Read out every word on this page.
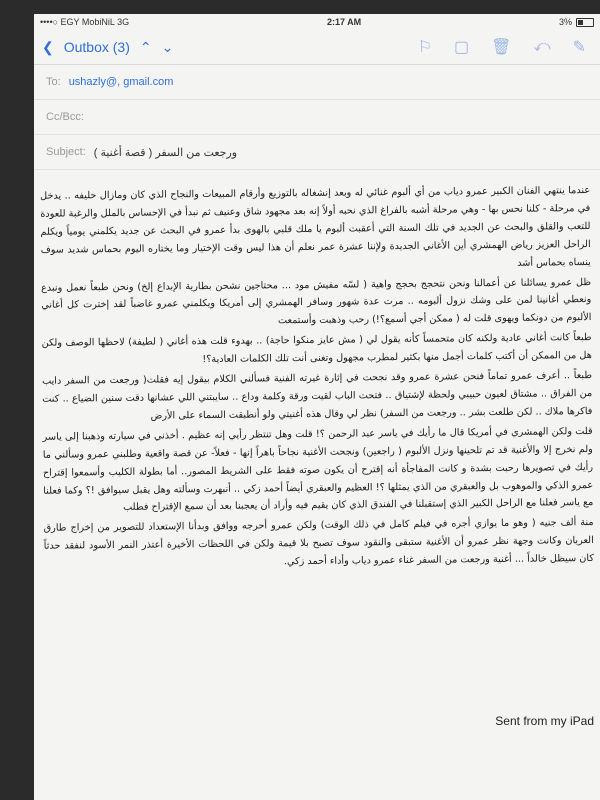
••••○ EGY MobiNiL 3G	2:17 AM	3%
❮ Outbox (3) ⌃ ⌄	⚐ ▢ 🗑 ⤺ ✎
To: ushazly@, gmail.com
Cc/Bcc:
Subject: ورجعت من السفر ( قصة أغنية )

عندما ينتهي الفنان الكبير عمرو دياب من أي ألبوم غنائي له وبعد إنشغاله بالتوزيع وأرقام المبيعات والنجاح الذي كان ومازال حليفه .. يدخل في مرحلة - كلنا نحس بها - وهي مرحلة أشبه بالفراغ الذي نحبه أولاً إنه بعد مجهود شاق وعنيف ثم نبدأ في الإحساس بالملل والرغبة للعودة للتعب والقلق والبحث عن الجديد في تلك السنة التي أعقبت ألبوم يا ملك قلبي بالهوى بدأ عمرو في البحث عن جديد يكلمني يومياً ويكلم الراحل العزيز رياض الهمشري أين الأغاني الجديدة ولإننا عشرة عمر نعلم أن هذا ليس وقت الإختيار وما يختاره اليوم بحماس شديد سوف ينساه بحماس أشد

ظل عمرو يسائلنا عن أعمالنا ونحن نتحجج بحجج واهية ( لسّه مفيش مود ... محتاجين نشحن بطارية الإبداع إلخ) ونحن طبعاً نعمل ونبدع ونعطي أغانينا لمن على وشك نزول ألبومه .. مرت عدة شهور وسافر الهمشري إلى أمريكا ويكلمني عمرو غاضباً لقد إخترت كل أغاني الألبوم من دونكما ويهوى قلت له ( ممكن أجي أسمع؟!) رحب وذهبت وأستمعت

طبعاً كانت أغاني عادية ولكنه كان متحمساً كأنه يقول لي ( مش عايز منكوا حاجة) .. بهدوء قلت هذه أغاني ( لطيفة) لاحظها الوصف ولكن هل من الممكن أن أكتب كلمات أجمل منها بكثير لمطرب مجهول وتغنى أنت تلك الكلمات العادية؟!

طبعاً .. أعرف عمرو تماماً فنحن عشرة عمرو وقد نجحت في إثارة غيرته الفنية فسألني الكلام بيقول إيه فقلت( ورجعت من السفر دايب من الفراق .. مشتاق لعيون حبيبي ولحظة لإشتياق .. فتحت الباب لقيت ورقة وكلمة وداع .. سايبتني اللي عشانها دقت سنين الضياع .. كنت فاكرها ملاك .. لكن طلعت بشر .. ورجعت من السفر) نظر لي وقال هذه أغنيتي ولو أنطبقت السماء على الأرض

قلت ولكن الهمشري في أمريكا قال ما رأيك في ياسر عبد الرحمن ؟! قلت وهل تنتظر رأيي إنه عظيم . أخذني في سيارته وذهبنا إلى ياسر ولم نخرج إلا والأغنية قد تم تلحينها ونزل الألبوم ( راجعين) ونجحت الأغنية نجاحاً باهراً إنها - فعلاً- عن قصة واقعية وطلبني عمرو وسألني ما رأيك في تصويرها رحبت بشدة و كانت المفاجأة أنه إقترح أن يكون صوته فقط على الشريط المصور.. أما بطولة الكليب وأسمعوا إقتراح عمرو الذكي والموهوب بل والعبقري من الذي يمثلها ؟! العظيم والعبقري أيضاً أحمد زكي .. أنبهرت وسألته وهل يقبل سيوافق !؟ وكما فعلنا مع ياسر فعلنا مع الراحل الكبير الذي إستقبلنا في الفندق الذي كان يقيم فيه وأراد أن يعجبنا بعد أن سمع الإقتراح فطلب

منة ألف جنيه ( وهو ما يوازي أجره في فيلم كامل في ذلك الوقت) ولكن عمرو أحرجه ووافق وبدأنا الإستعداد للتصوير من إخراج طارق العريان وكانت وجهة نظر عمرو أن الأغنية ستبقى والنقود سوف تصبح بلا قيمة ولكن في اللحظات الأخيرة أعتذر النمر الأسود لنفقد حدثاً كان سيظل خالداً ... أغنية ورجعت من السفر غناء عمرو دياب وأداء أحمد زكي.

Sent from my iPad
